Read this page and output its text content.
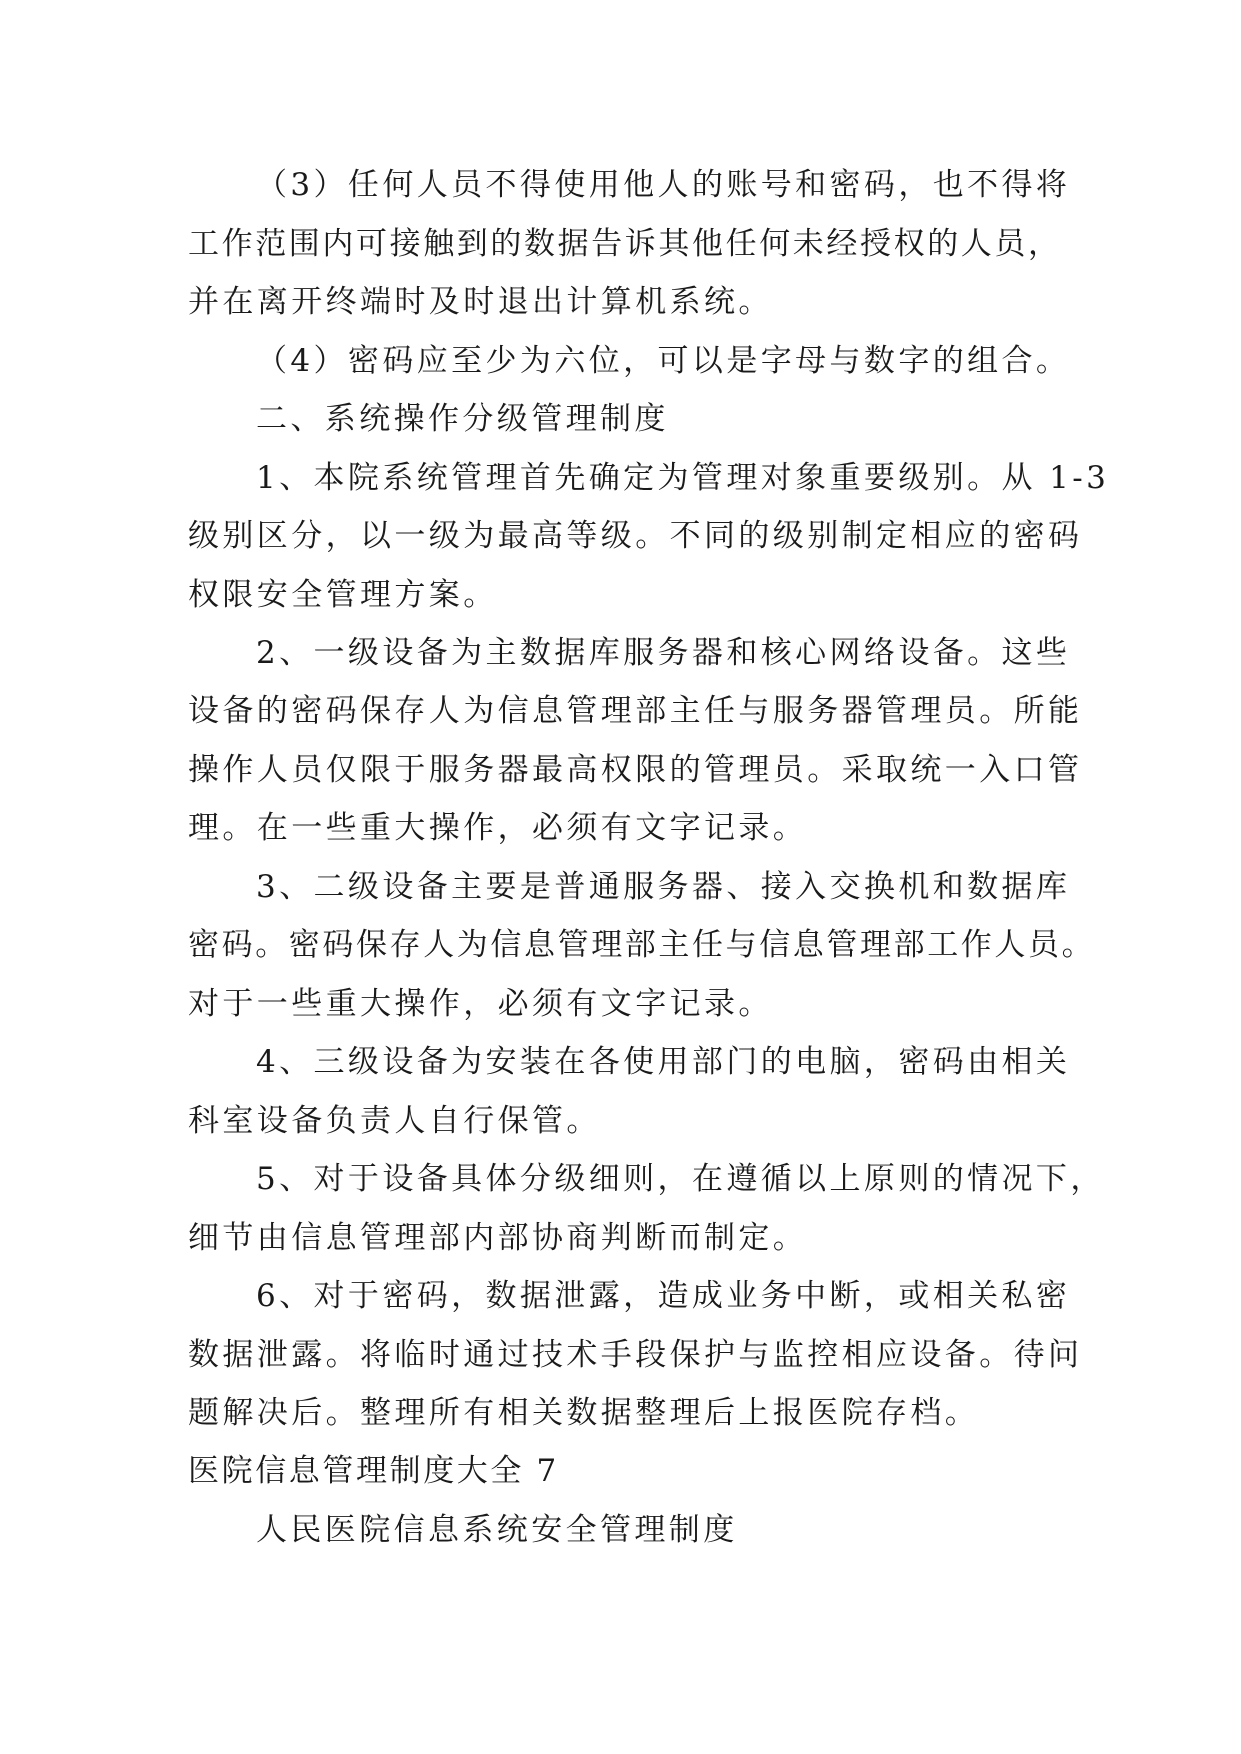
（3）任何人员不得使用他人的账号和密码，也不得将
工作范围内可接触到的数据告诉其他任何未经授权的人员，
并在离开终端时及时退出计算机系统。
（4）密码应至少为六位，可以是字母与数字的组合。
二、系统操作分级管理制度
1、本院系统管理首先确定为管理对象重要级别。从 1-3
级别区分，以一级为最高等级。不同的级别制定相应的密码
权限安全管理方案。
2、一级设备为主数据库服务器和核心网络设备。这些
设备的密码保存人为信息管理部主任与服务器管理员。所能
操作人员仅限于服务器最高权限的管理员。采取统一入口管
理。在一些重大操作，必须有文字记录。
3、二级设备主要是普通服务器、接入交换机和数据库
密码。密码保存人为信息管理部主任与信息管理部工作人员。
对于一些重大操作，必须有文字记录。
4、三级设备为安装在各使用部门的电脑，密码由相关
科室设备负责人自行保管。
5、对于设备具体分级细则，在遵循以上原则的情况下，
细节由信息管理部内部协商判断而制定。
6、对于密码，数据泄露，造成业务中断，或相关私密
数据泄露。将临时通过技术手段保护与监控相应设备。待问
题解决后。整理所有相关数据整理后上报医院存档。
医院信息管理制度大全 7
人民医院信息系统安全管理制度
